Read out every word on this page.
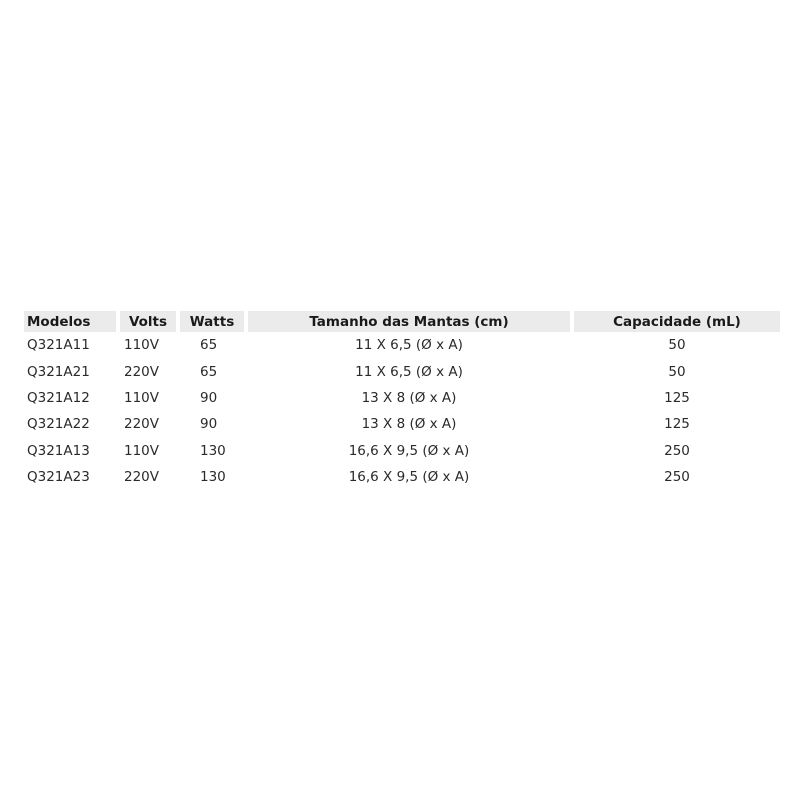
Modelos	Volts	Watts	Tamanho das Mantas (cm)	Capacidade (mL)
Q321A11	110V	65	11 X 6,5 (Ø x A)	50
Q321A21	220V	65	11 X 6,5 (Ø x A)	50
Q321A12	110V	90	13 X 8 (Ø x A)	125
Q321A22	220V	90	13 X 8 (Ø x A)	125
Q321A13	110V	130	16,6 X 9,5 (Ø x A)	250
Q321A23	220V	130	16,6 X 9,5 (Ø x A)	250
